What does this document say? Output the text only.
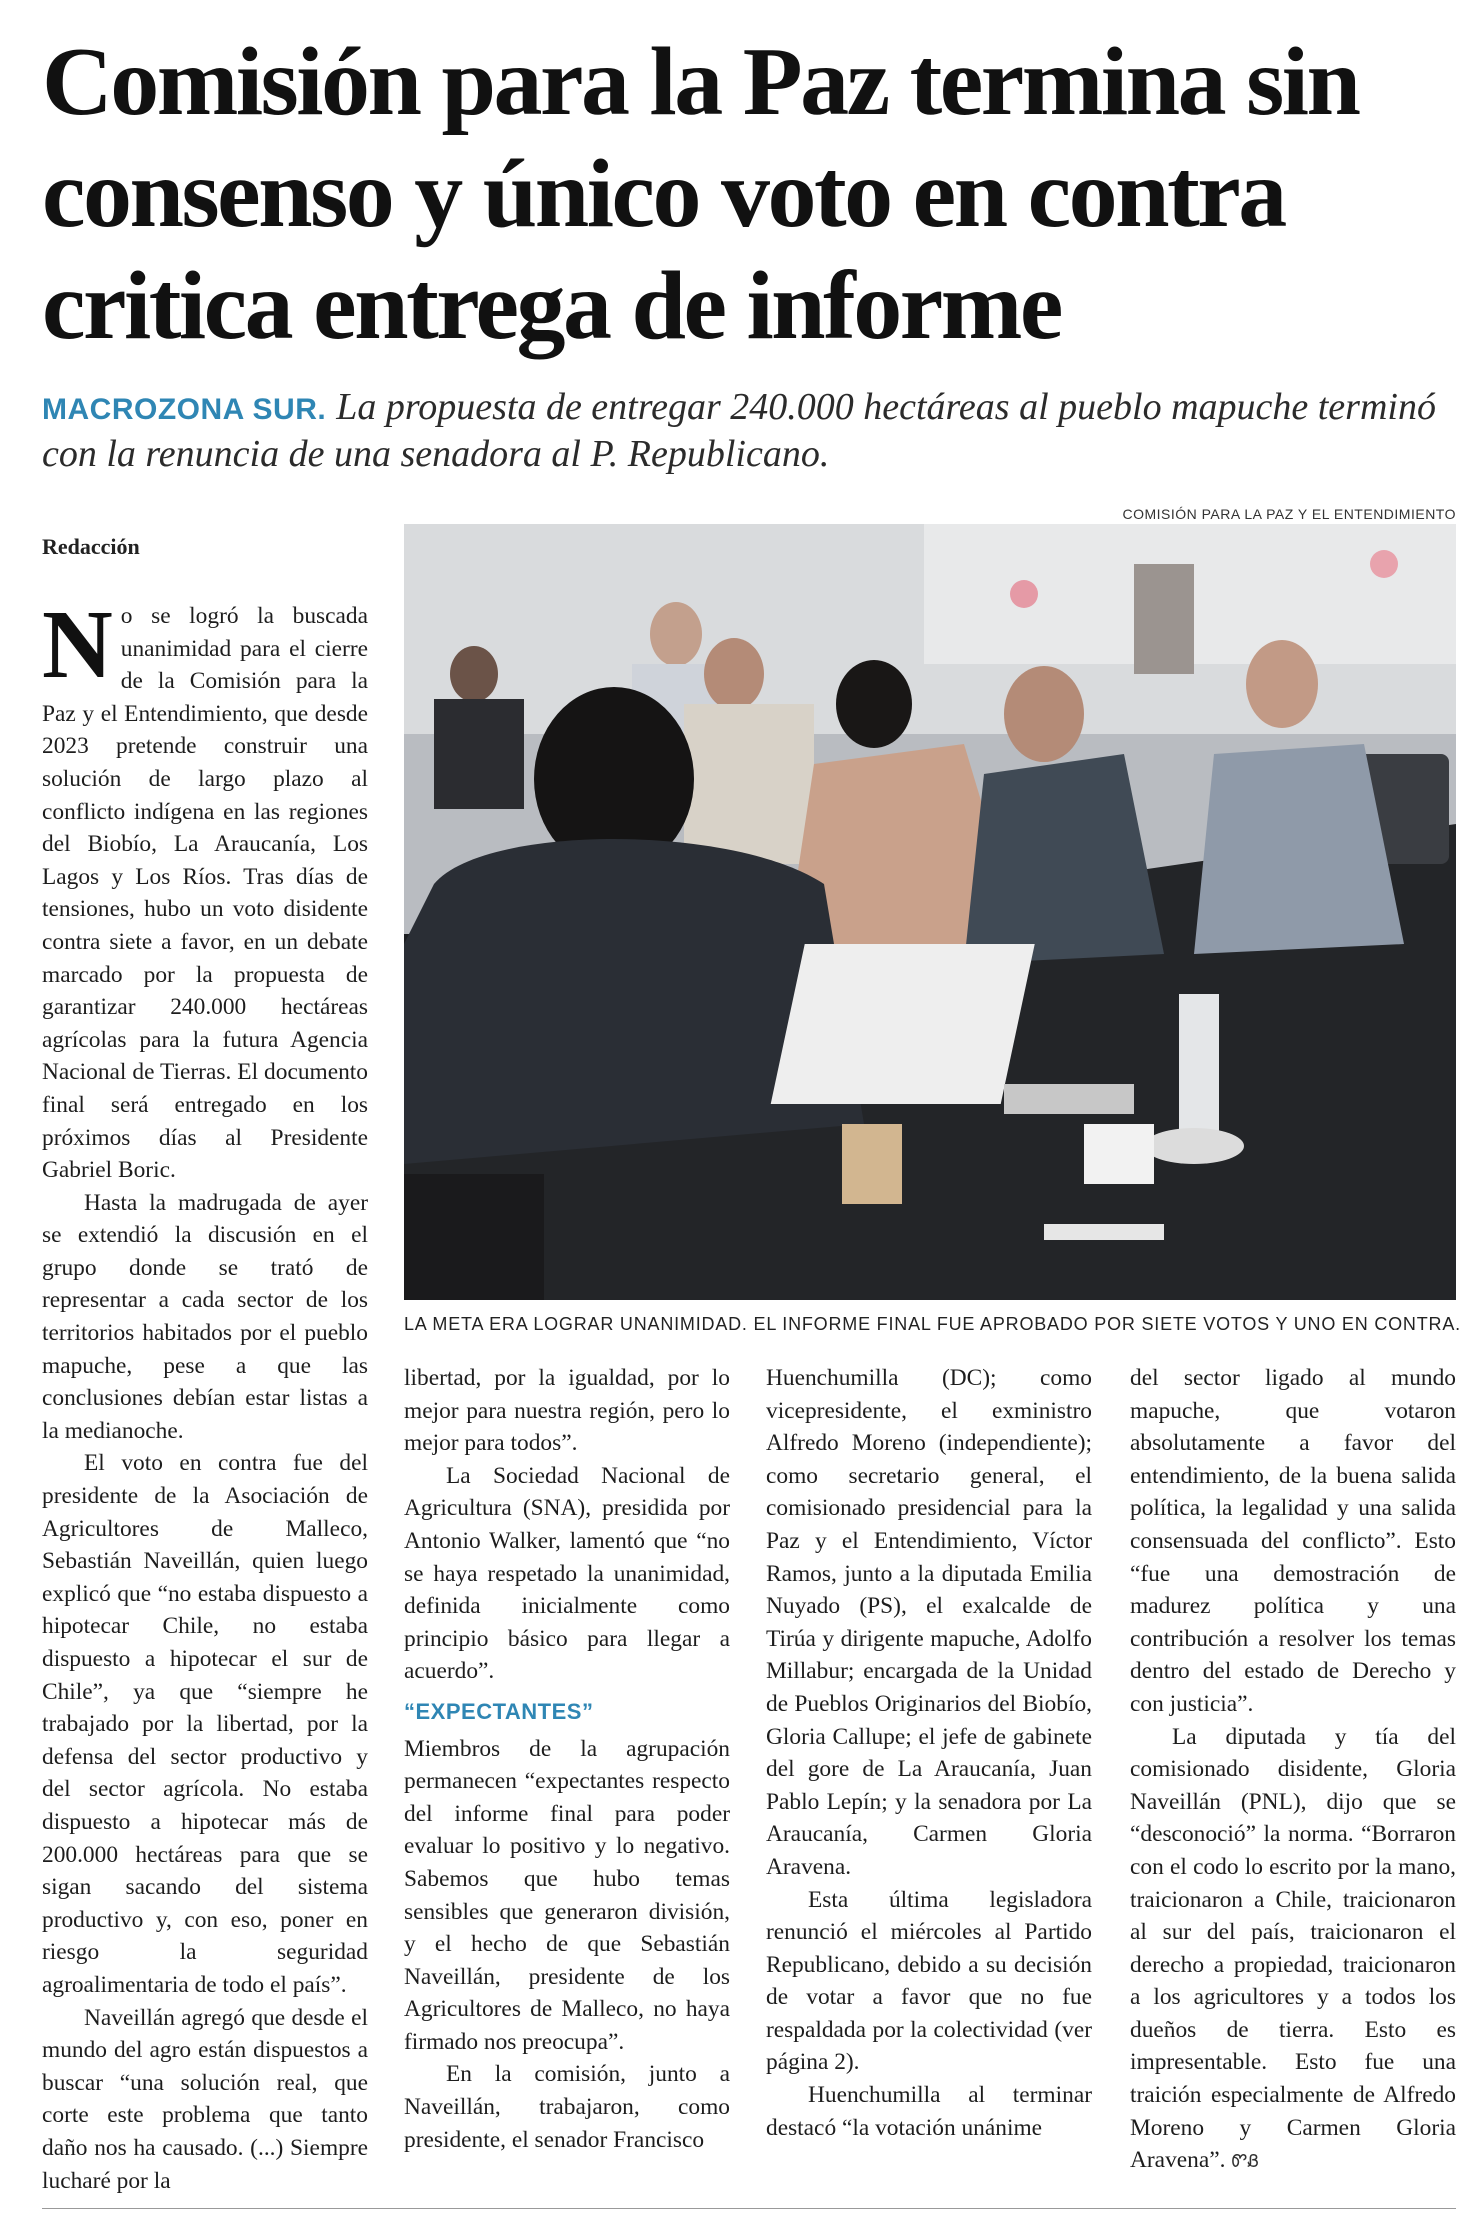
Comisión para la Paz termina sin
consenso y único voto en contra
critica entrega de informe
MACROZONA SUR. La propuesta de entregar 240.000 hectáreas al pueblo mapuche terminó con la renuncia de una senadora al P. Republicano.
COMISIÓN PARA LA PAZ Y EL ENTENDIMIENTO
LA META ERA LOGRAR UNANIMIDAD. EL INFORME FINAL FUE APROBADO POR SIETE VOTOS Y UNO EN CONTRA.
Redacción

No se logró la buscada unanimidad para el cierre de la Comisión para la Paz y el Entendimiento, que desde 2023 pretende construir una solución de largo plazo al conflicto indígena en las regiones del Biobío, La Araucanía, Los Lagos y Los Ríos. Tras días de tensiones, hubo un voto disidente contra siete a favor, en un debate marcado por la propuesta de garantizar 240.000 hectáreas agrícolas para la futura Agencia Nacional de Tierras. El documento final será entregado en los próximos días al Presidente Gabriel Boric.

Hasta la madrugada de ayer se extendió la discusión en el grupo donde se trató de representar a cada sector de los territorios habitados por el pueblo mapuche, pese a que las conclusiones debían estar listas a la medianoche.

El voto en contra fue del presidente de la Asociación de Agricultores de Malleco, Sebastián Naveillán, quien luego explicó que “no estaba dispuesto a hipotecar Chile, no estaba dispuesto a hipotecar el sur de Chile”, ya que “siempre he trabajado por la libertad, por la defensa del sector productivo y del sector agrícola. No estaba dispuesto a hipotecar más de 200.000 hectáreas para que se sigan sacando del sistema productivo y, con eso, poner en riesgo la seguridad agroalimentaria de todo el país”.

Naveillán agregó que desde el mundo del agro están dispuestos a buscar “una solución real, que corte este problema que tanto daño nos ha causado. (...) Siempre lucharé por la

libertad, por la igualdad, por lo mejor para nuestra región, pero lo mejor para todos”.

La Sociedad Nacional de Agricultura (SNA), presidida por Antonio Walker, lamentó que “no se haya respetado la unanimidad, definida inicialmente como principio básico para llegar a acuerdo”.

“EXPECTANTES”

Miembros de la agrupación permanecen “expectantes respecto del informe final para poder evaluar lo positivo y lo negativo. Sabemos que hubo temas sensibles que generaron división, y el hecho de que Sebastián Naveillán, presidente de los Agricultores de Malleco, no haya firmado nos preocupa”.

En la comisión, junto a Naveillán, trabajaron, como presidente, el senador Francisco

Huenchumilla (DC); como vicepresidente, el exministro Alfredo Moreno (independiente); como secretario general, el comisionado presidencial para la Paz y el Entendimiento, Víctor Ramos, junto a la diputada Emilia Nuyado (PS), el exalcalde de Tirúa y dirigente mapuche, Adolfo Millabur; encargada de la Unidad de Pueblos Originarios del Biobío, Gloria Callupe; el jefe de gabinete del gore de La Araucanía, Juan Pablo Lepín; y la senadora por La Araucanía, Carmen Gloria Aravena.

Esta última legisladora renunció el miércoles al Partido Republicano, debido a su decisión de votar a favor que no fue respaldada por la colectividad (ver página 2).

Huenchumilla al terminar destacó “la votación unánime

del sector ligado al mundo mapuche, que votaron absolutamente a favor del entendimiento, de la buena salida política, la legalidad y una salida consensuada del conflicto”. Esto “fue una demostración de madurez política y una contribución a resolver los temas dentro del estado de Derecho y con justicia”.

La diputada y tía del comisionado disidente, Gloria Naveillán (PNL), dijo que se “desconoció” la norma. “Borraron con el codo lo escrito por la mano, traicionaron a Chile, traicionaron al sur del país, traicionaron el derecho a propiedad, traicionaron a los agricultores y a todos los dueños de tierra. Esto es impresentable. Esto fue una traición especialmente de Alfredo Moreno y Carmen Gloria Aravena”. ᏛᏰ
